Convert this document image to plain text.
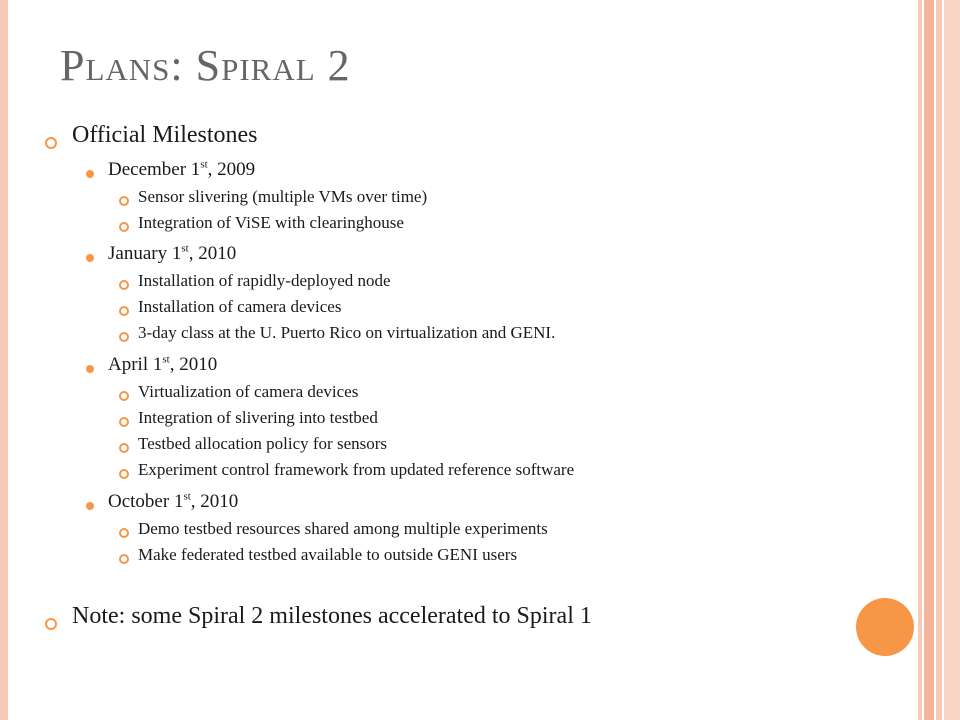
Plans: Spiral 2
Official Milestones
December 1st, 2009
Sensor slivering (multiple VMs over time)
Integration of ViSE with clearinghouse
January 1st, 2010
Installation of rapidly-deployed node
Installation of camera devices
3-day class at the U. Puerto Rico on virtualization and GENI.
April 1st, 2010
Virtualization of camera devices
Integration of slivering into testbed
Testbed allocation policy for sensors
Experiment control framework from updated reference software
October 1st, 2010
Demo testbed resources shared among multiple experiments
Make federated testbed available to outside GENI users
Note: some Spiral 2 milestones accelerated to Spiral 1
